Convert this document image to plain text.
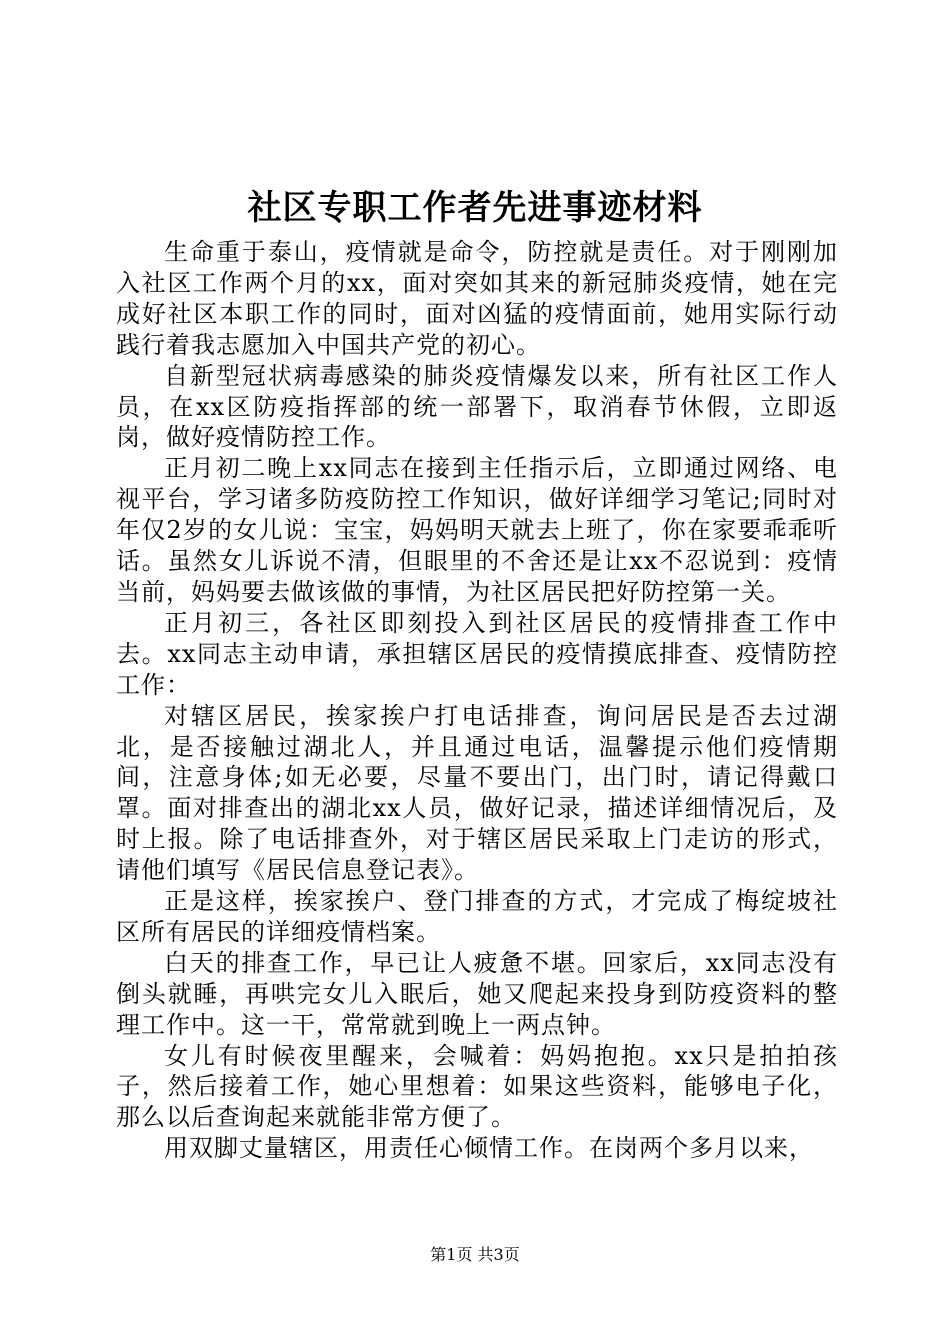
社区专职工作者先进事迹材料

生命重于泰山，疫情就是命令，防控就是责任。对于刚刚加入社区工作两个月的xx，面对突如其来的新冠肺炎疫情，她在完成好社区本职工作的同时，面对凶猛的疫情面前，她用实际行动践行着我志愿加入中国共产党的初心。

自新型冠状病毒感染的肺炎疫情爆发以来，所有社区工作人员，在xx区防疫指挥部的统一部署下，取消春节休假，立即返岗，做好疫情防控工作。

正月初二晚上xx同志在接到主任指示后，立即通过网络、电视平台，学习诸多防疫防控工作知识，做好详细学习笔记;同时对年仅2岁的女儿说：宝宝，妈妈明天就去上班了，你在家要乖乖听话。虽然女儿诉说不清，但眼里的不舍还是让xx不忍说到：疫情当前，妈妈要去做该做的事情，为社区居民把好防控第一关。

正月初三，各社区即刻投入到社区居民的疫情排查工作中去。xx同志主动申请，承担辖区居民的疫情摸底排查、疫情防控工作：

对辖区居民，挨家挨户打电话排查，询问居民是否去过湖北，是否接触过湖北人，并且通过电话，温馨提示他们疫情期间，注意身体;如无必要，尽量不要出门，出门时，请记得戴口罩。面对排查出的湖北xx人员，做好记录，描述详细情况后，及时上报。除了电话排查外，对于辖区居民采取上门走访的形式，请他们填写《居民信息登记表》。

正是这样，挨家挨户、登门排查的方式，才完成了梅绽坡社区所有居民的详细疫情档案。

白天的排查工作，早已让人疲惫不堪。回家后，xx同志没有倒头就睡，再哄完女儿入眠后，她又爬起来投身到防疫资料的整理工作中。这一干，常常就到晚上一两点钟。

女儿有时候夜里醒来，会喊着：妈妈抱抱。xx只是拍拍孩子，然后接着工作，她心里想着：如果这些资料，能够电子化，那么以后查询起来就能非常方便了。

用双脚丈量辖区，用责任心倾情工作。在岗两个多月以来，

第1页 共3页
